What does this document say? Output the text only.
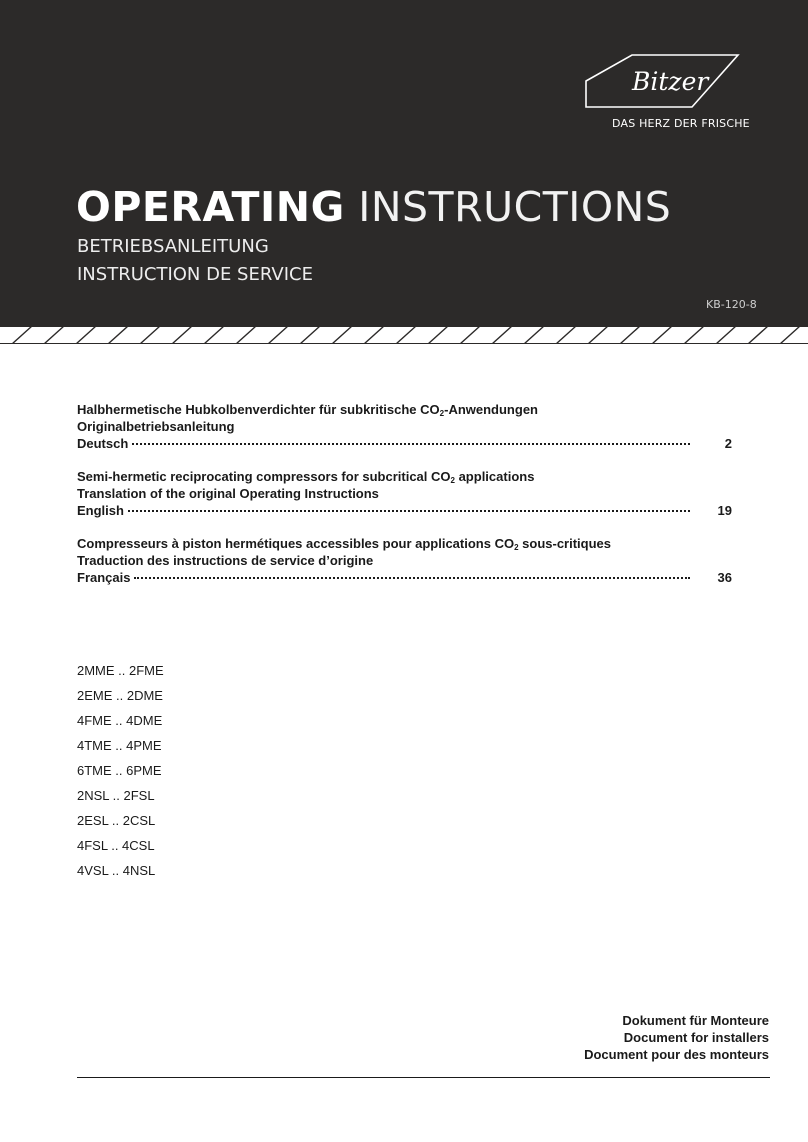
Bitzer
DAS HERZ DER FRISCHE
OPERATING INSTRUCTIONS
BETRIEBSANLEITUNG
INSTRUCTION DE SERVICE
KB-120-8
Halbhermetische Hubkolbenverdichter für subkritische $CO_2$-Anwendungen
Originalbetriebsanleitung
Deutsch	2
Semi-hermetic reciprocating compressors for subcritical $CO_2$ applications
Translation of the original Operating Instructions
English	19
Compresseurs à piston hermétiques accessibles pour applications $CO_2$ sous-critiques
Traduction des instructions de service d’origine
Français	36
2MME .. 2FME
2EME .. 2DME
4FME .. 4DME
4TME .. 4PME
6TME .. 6PME
2NSL .. 2FSL
2ESL .. 2CSL
4FSL .. 4CSL
4VSL .. 4NSL
Dokument für Monteure
Document for installers
Document pour des monteurs
